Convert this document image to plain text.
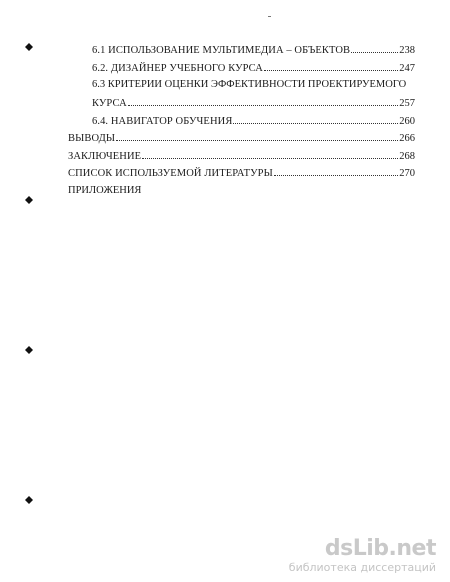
6.1 ИСПОЛЬЗОВАНИЕ МУЛЬТИМЕДИА – ОБЪЕКТОВ	238
6.2. ДИЗАЙНЕР УЧЕБНОГО КУРСА	247
6.3 КРИТЕРИИ ОЦЕНКИ ЭФФЕКТИВНОСТИ ПРОЕКТИРУЕМОГО
КУРСА	257
6.4. НАВИГАТОР ОБУЧЕНИЯ	260
ВЫВОДЫ	266
ЗАКЛЮЧЕНИЕ	268
СПИСОК ИСПОЛЬЗУЕМОЙ ЛИТЕРАТУРЫ	270
ПРИЛОЖЕНИЯ
dsLib.net
библиотека диссертаций
